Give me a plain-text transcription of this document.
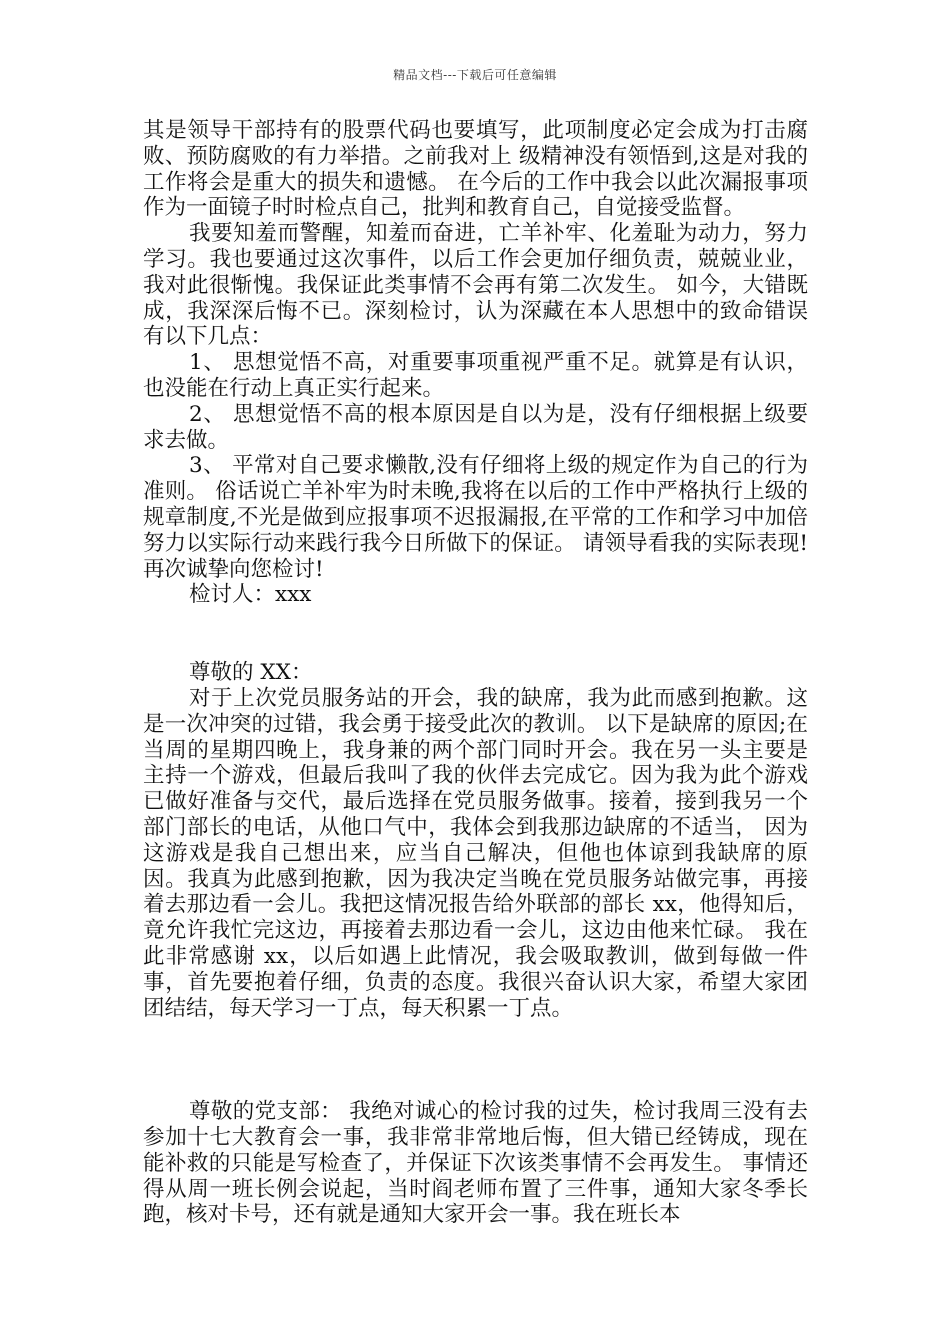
精品文档---下载后可任意编辑

其是领导干部持有的股票代码也要填写，此项制度必定会成为打击腐败、预防腐败的有力举措。之前我对上 级精神没有领悟到,这是对我的工作将会是重大的损失和遗憾。 在今后的工作中我会以此次漏报事项作为一面镜子时时检点自己，批判和教育自己，自觉接受监督。

我要知羞而警醒，知羞而奋进，亡羊补牢、化羞耻为动力，努力学习。我也要通过这次事件，以后工作会更加仔细负责，兢兢业业，我对此很惭愧。我保证此类事情不会再有第二次发生。 如今，大错既成，我深深后悔不已。深刻检讨，认为深藏在本人思想中的致命错误有以下几点：

1、 思想觉悟不高，对重要事项重视严重不足。就算是有认识，也没能在行动上真正实行起来。

2、 思想觉悟不高的根本原因是自以为是，没有仔细根据上级要求去做。

3、 平常对自己要求懒散,没有仔细将上级的规定作为自己的行为准则。 俗话说亡羊补牢为时未晚,我将在以后的工作中严格执行上级的规章制度,不光是做到应报事项不迟报漏报,在平常的工作和学习中加倍努力以实际行动来践行我今日所做下的保证。 请领导看我的实际表现! 再次诚挚向您检讨!

检讨人：xxx

尊敬的 XX：

对于上次党员服务站的开会，我的缺席，我为此而感到抱歉。这是一次冲突的过错，我会勇于接受此次的教训。 以下是缺席的原因;在当周的星期四晚上，我身兼的两个部门同时开会。我在另一头主要是主持一个游戏，但最后我叫了我的伙伴去完成它。因为我为此个游戏已做好准备与交代，最后选择在党员服务做事。接着，接到我另一个部门部长的电话，从他口气中，我体会到我那边缺席的不适当， 因为这游戏是我自己想出来，应当自己解决，但他也体谅到我缺席的原因。我真为此感到抱歉，因为我决定当晚在党员服务站做完事，再接着去那边看一会儿。我把这情况报告给外联部的部长 xx，他得知后，竟允许我忙完这边，再接着去那边看一会儿，这边由他来忙碌。 我在此非常感谢 xx，以后如遇上此情况，我会吸取教训，做到每做一件事，首先要抱着仔细，负责的态度。我很兴奋认识大家，希望大家团团结结，每天学习一丁点，每天积累一丁点。

尊敬的党支部： 我绝对诚心的检讨我的过失，检讨我周三没有去参加十七大教育会一事，我非常非常地后悔，但大错已经铸成，现在能补救的只能是写检查了，并保证下次该类事情不会再发生。 事情还得从周一班长例会说起，当时阎老师布置了三件事，通知大家冬季长跑，核对卡号，还有就是通知大家开会一事。我在班长本
